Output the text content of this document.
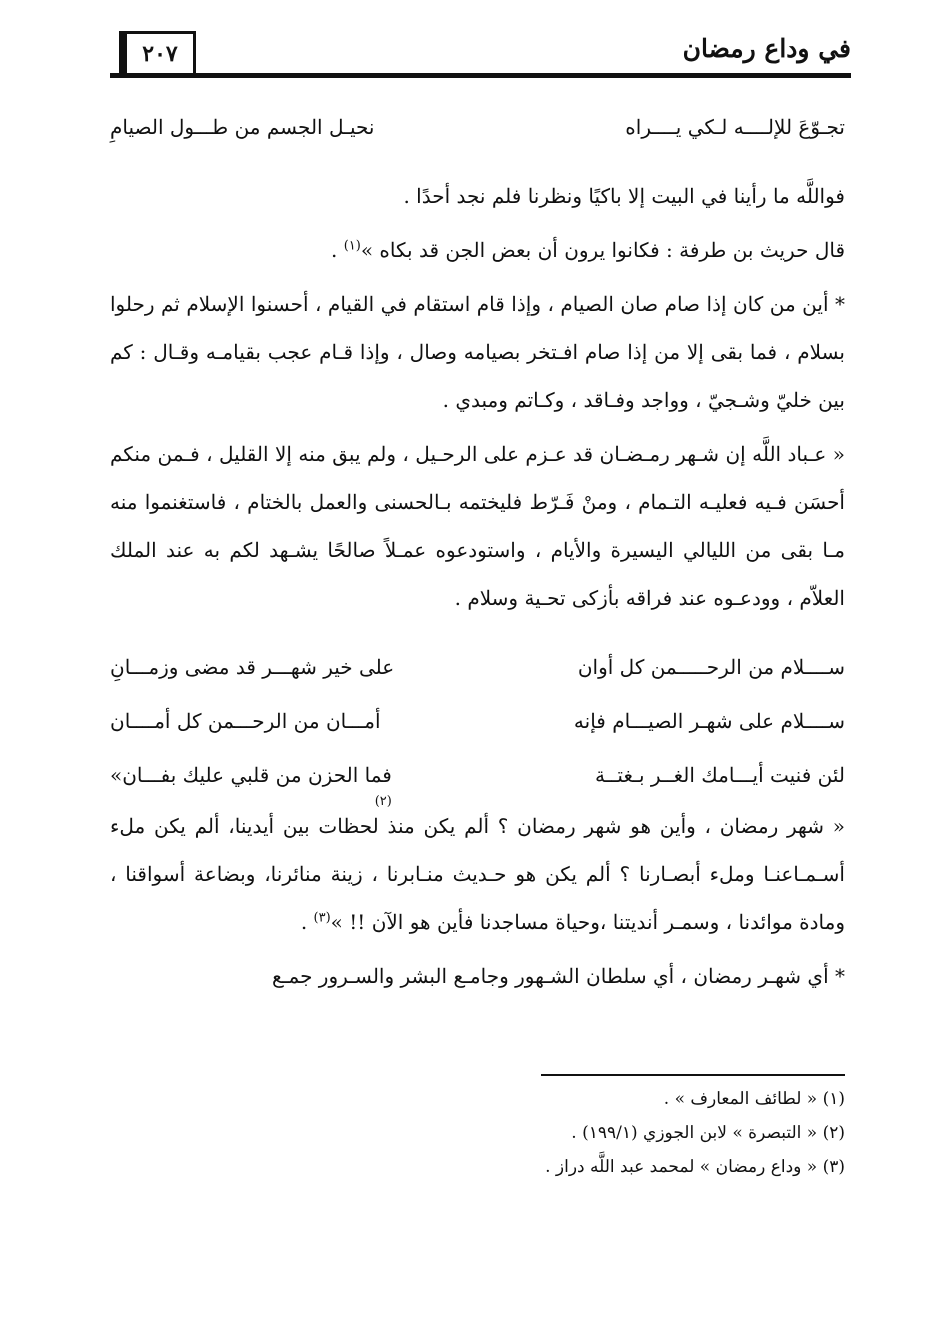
في وداع رمضان
٢٠٧
تجـوّعَ للإلــــه لـكي يــــراه
نحيـل الجسم من طـــول الصيامِ

فواللَّه ما رأينا في البيت إلا باكيًا ونظرنا فلم نجد أحدًا .

قال حريث بن طرفة : فكانوا يرون أن بعض الجن قد بكاه »$^{(١)}$ .

* أين من كان إذا صام صان الصيام ، وإذا قام استقام في القيام ، أحسنوا الإسلام ثم رحلوا بسلام ، فما بقى إلا من إذا صام افـتخر بصيامه وصال ، وإذا قـام عجب بقيامـه وقـال : كم بين خليّ وشـجيّ ، وواجد وفـاقد ، وكـاتم ومبدي .

« عـباد اللَّه إن شـهر رمـضـان قد عـزم على الرحـيل ، ولم يبق منه إلا القليل ، فـمن منكم أحسَن فـيه فعليـه التـمام ، ومنْ فَـرّط فليختمه بـالحسنى والعمل بالختام ، فاستغنموا منه مـا بقى من الليالي اليسيرة والأيام ، واستودعوه عمـلاً صالحًا يشـهد لكم به عند الملك العلاّم ، وودعـوه عند فراقه بأزكى تحـية وسلام .

ســــلام من الرحـــــمن كل أوان
على خير شهـــر قد مضى وزمـــانِ
ســــلام على شهـر الصيـــام فإنه
أمـــان من الرحـــمن كل أمــــان
لئن فنيت أيـــامك الغــر بـغتــة
فما الحزن من قلبي عليك بفـــان»
(٢)

« شهر رمضان ، وأين هو شهر رمضان ؟ ألم يكن منذ لحظات بين أيدينا، ألم يكن ملء أسـمـاعنـا وملء أبصـارنا ؟ ألم يكن هو حـديث منـابرنا ، زينة منائرنا، وبضاعة أسواقنا ، ومادة موائدنا ، وسمـر أنديتنا ،وحياة مساجدنا فأين هو الآن !! »$^{(٣)}$ .

* أي شهـر رمضان ، أي سلطان الشـهور وجامـع البشر والسـرور جمـع

(١) « لطائف المعارف » .
(٢) « التبصرة » لابن الجوزي (١٩٩/١) .
(٣) « وداع رمضان » لمحمد عبد اللَّه دراز .
